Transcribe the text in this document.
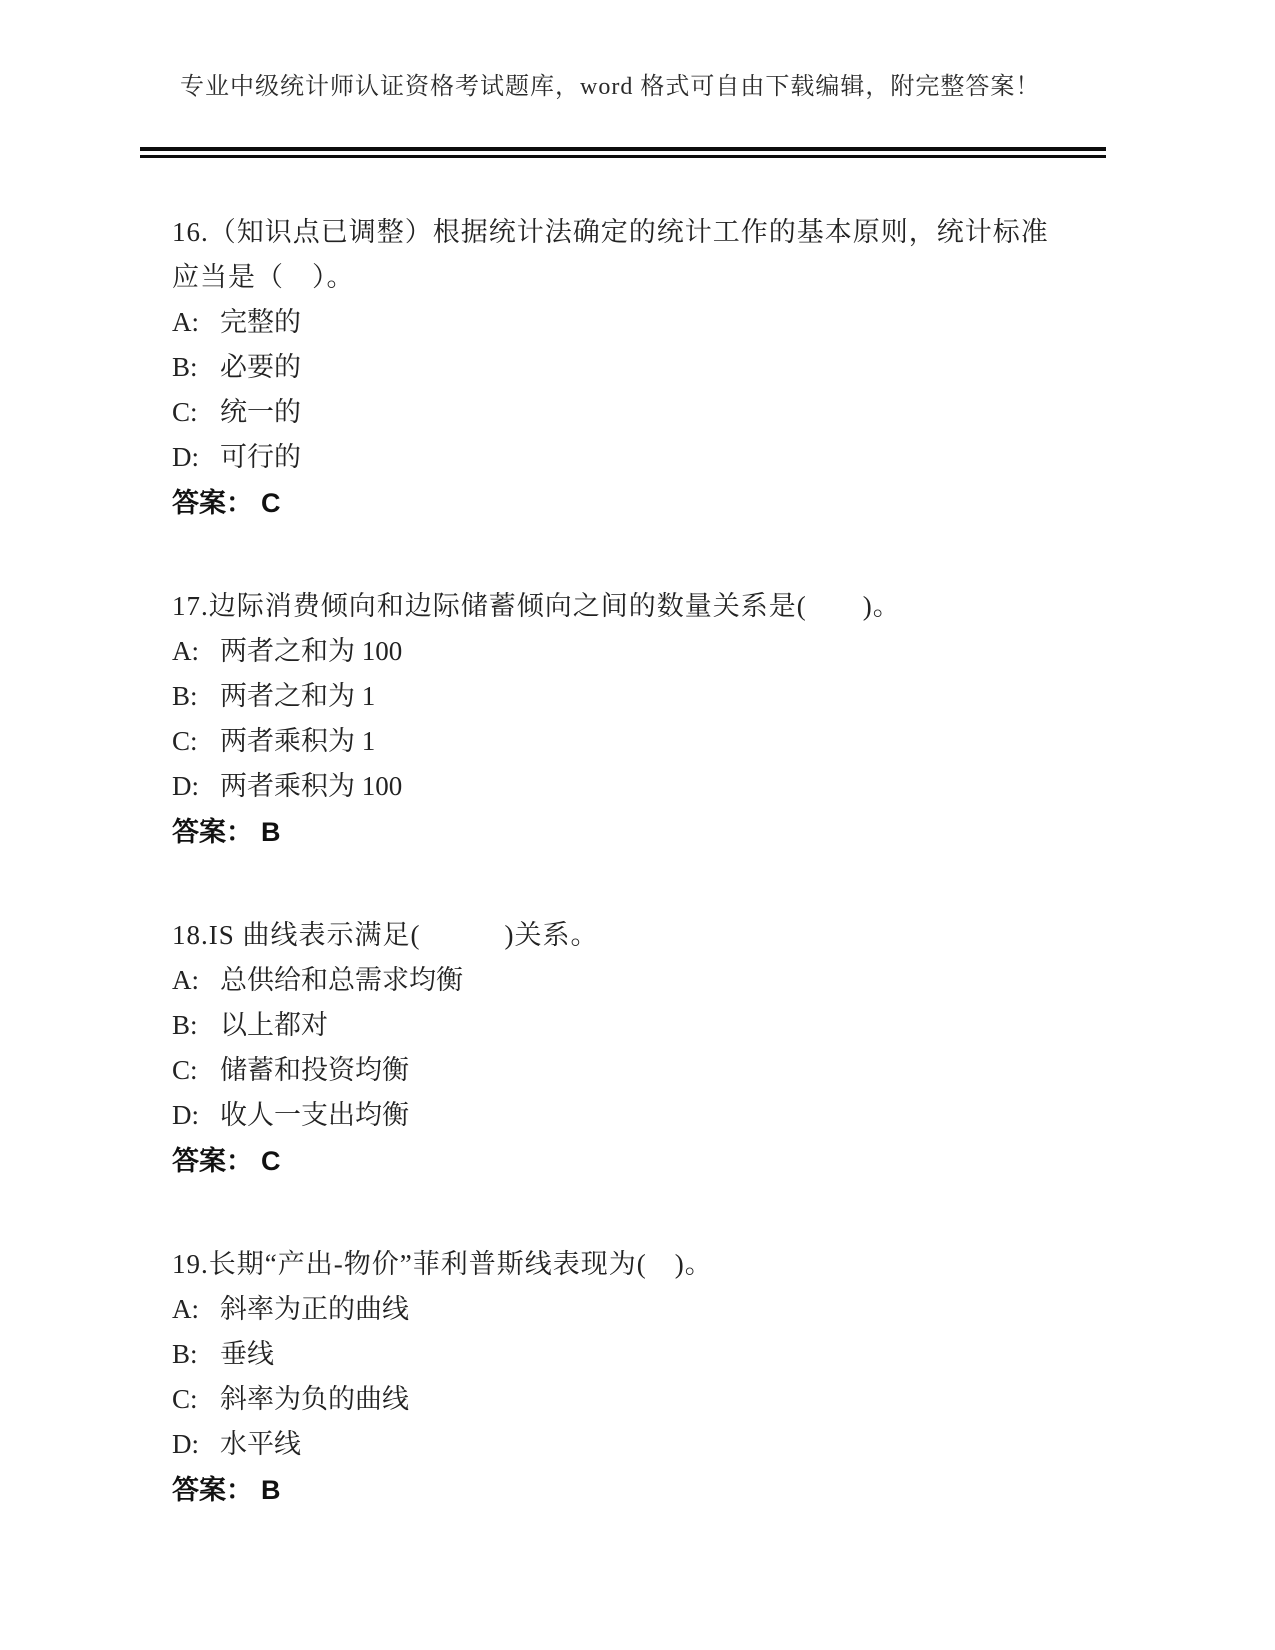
专业中级统计师认证资格考试题库，word 格式可自由下载编辑，附完整答案！

16.（知识点已调整）根据统计法确定的统计工作的基本原则，统计标准应当是（　）。

A: 完整的

B: 必要的

C: 统一的

D: 可行的

答案： C

17.边际消费倾向和边际储蓄倾向之间的数量关系是(　　)。

A: 两者之和为 100

B: 两者之和为 1

C: 两者乘积为 1

D: 两者乘积为 100

答案： B

18.IS 曲线表示满足(　　　)关系。

A: 总供给和总需求均衡

B: 以上都对

C: 储蓄和投资均衡

D: 收人一支出均衡

答案： C

19.长期“产出-物价”菲利普斯线表现为(　)。

A: 斜率为正的曲线

B: 垂线

C: 斜率为负的曲线

D: 水平线

答案： B
